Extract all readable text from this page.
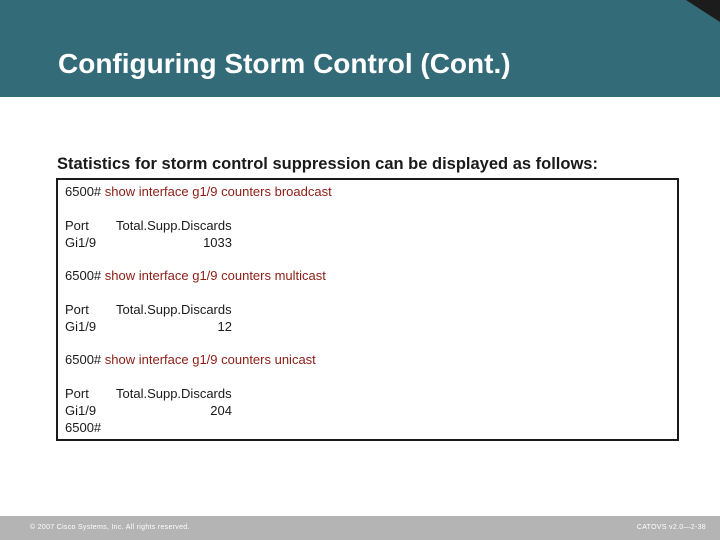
Configuring Storm Control (Cont.)

Statistics for storm control suppression can be displayed as follows:

6500# show interface g1/9 counters broadcast
Port Total.Supp.Discards
Gi1/9	1033
6500# show interface g1/9 counters multicast
Port Total.Supp.Discards
Gi1/9	12
6500# show interface g1/9 counters unicast
Port Total.Supp.Discards
Gi1/9	204
6500#
© 2007 Cisco Systems, Inc. All rights reserved.	CATOVS v2.0—2-38
